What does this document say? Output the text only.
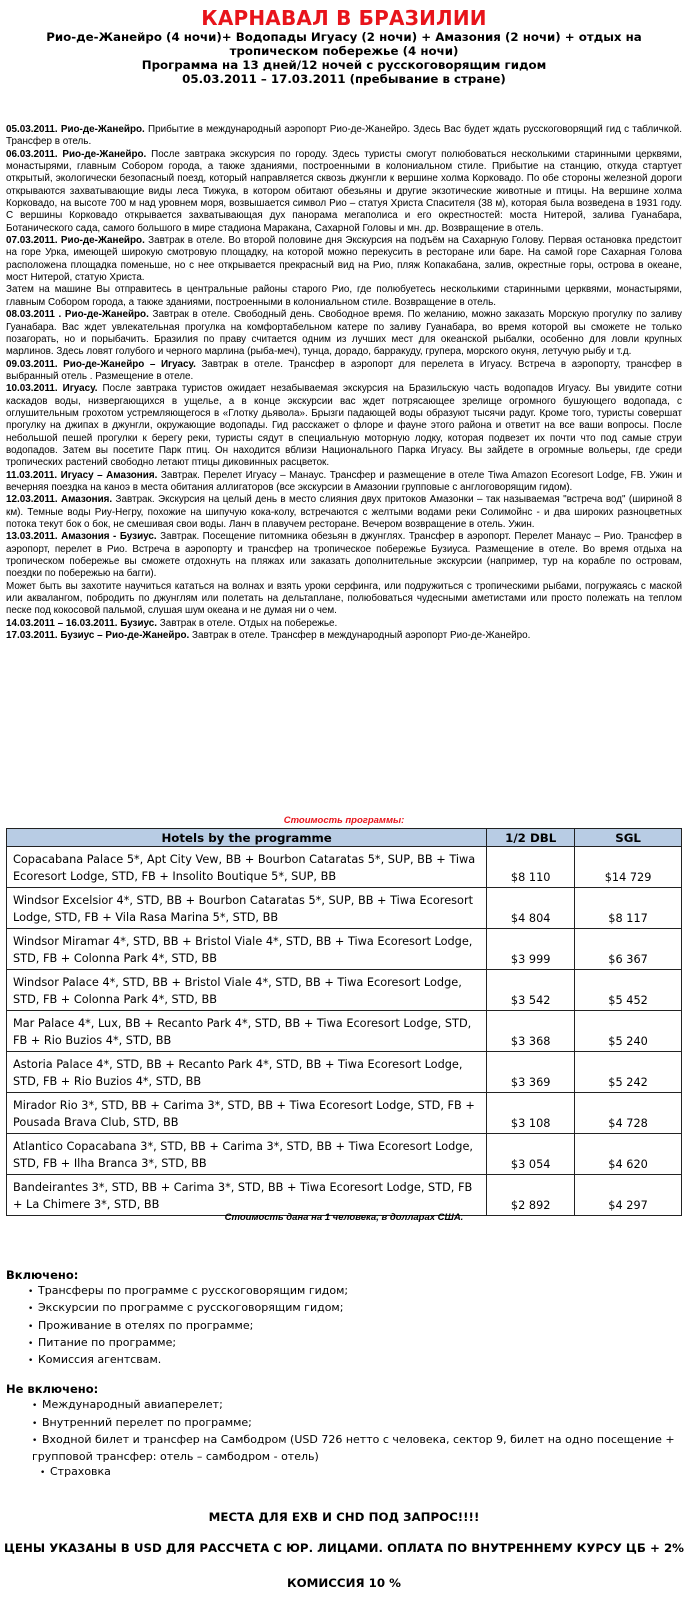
КАРНАВАЛ В БРАЗИЛИИ
Рио-де-Жанейро (4 ночи)+ Водопады Игуасу (2 ночи) + Амазония (2 ночи) + отдых на тропическом побережье (4 ночи)
Программа на 13 дней/12 ночей с русскоговорящим гидом
05.03.2011 – 17.03.2011 (пребывание в стране)

05.03.2011. Рио-де-Жанейро. Прибытие в международный аэропорт Рио-де-Жанейро. Здесь Вас будет ждать русскоговорящий гид с табличкой. Трансфер в отель.

06.03.2011. Рио-де-Жанейро. После завтрака экскурсия по городу. Здесь туристы смогут полюбоваться несколькими старинными церквями, монастырями, главным Собором города, а также зданиями, построенными в колониальном стиле. Прибытие на станцию, откуда стартует открытый, экологически безопасный поезд, который направляется сквозь джунгли к вершине холма Корковадо. По обе стороны железной дороги открываются захватывающие виды леса Тижука, в котором обитают обезьяны и другие экзотические животные и птицы. На вершине холма Корковадо, на высоте 700 м над уровнем моря, возвышается символ Рио – статуя Христа Спасителя (38 м), которая была возведена в 1931 году. С вершины Корковадо открывается захватывающая дух панорама мегаполиса и его окрестностей: моста Нитерой, залива Гуанабара, Ботанического сада, самого большого в мире стадиона Маракана, Сахарной Головы и мн. др. Возвращение в отель.

07.03.2011. Рио-де-Жанейро. Завтрак в отеле. Во второй половине дня Экскурсия на подъём на Сахарную Голову. Первая остановка предстоит на горе Урка, имеющей широкую смотровую площадку, на которой можно перекусить в ресторане или баре. На самой горе Сахарная Голова расположена площадка поменьше, но с нее открывается прекрасный вид на Рио, пляж Копакабана, залив, окрестные горы, острова в океане, мост Нитерой, статую Христа.

Затем на машине Вы отправитесь в центральные районы старого Рио, где полюбуетесь несколькими старинными церквями, монастырями, главным Собором города, а также зданиями, построенными в колониальном стиле. Возвращение в отель.

08.03.2011 . Рио-де-Жанейро. Завтрак в отеле. Свободный день. Свободное время. По желанию, можно заказать Морскую прогулку по заливу Гуанабара. Вас ждет увлекательная прогулка на комфортабельном катере по заливу Гуанабара, во время которой вы сможете не только позагорать, но и порыбачить. Бразилия по праву считается одним из лучших мест для океанской рыбалки, особенно для ловли крупных марлинов. Здесь ловят голубого и черного марлина (рыба-меч), тунца, дорадо, барракуду, групера, морского окуня, летучую рыбу и т.д.

09.03.2011. Рио-де-Жанейро – Игуасу. Завтрак в отеле. Трансфер в аэропорт для перелета в Игуасу. Встреча в аэропорту, трансфер в выбранный отель . Размещение в отеле.

10.03.2011. Игуасу. После завтрака туристов ожидает незабываемая экскурсия на Бразильскую часть водопадов Игуасу. Вы увидите сотни каскадов воды, низвергающихся в ущелье, а в конце экскурсии вас ждет потрясающее зрелище огромного бушующего водопада, с оглушительным грохотом устремляющегося в «Глотку дьявола». Брызги падающей воды образуют тысячи радуг. Кроме того, туристы совершат прогулку на джипах в джунгли, окружающие водопады. Гид расскажет о флоре и фауне этого района и ответит на все ваши вопросы. После небольшой пешей прогулки к берегу реки, туристы сядут в специальную моторную лодку, которая подвезет их почти что под самые струи водопадов. Затем вы посетите Парк птиц. Он находится вблизи Национального Парка Игуасу. Вы зайдете в огромные вольеры, где среди тропических растений свободно летают птицы диковинных расцветок.

11.03.2011. Игуасу – Амазония. Завтрак. Перелет Игуасу – Манаус. Трансфер и размещение в отеле Tiwa Amazon Ecoresort Lodge, FB. Ужин и вечерняя поездка на каноэ в места обитания аллигаторов (все экскурсии в Амазонии групповые с англоговорящим гидом).

12.03.2011. Амазония. Завтрак. Экскурсия на целый день в место слияния двух притоков Амазонки – так называемая "встреча вод" (шириной 8 км). Темные воды Риу-Негру, похожие на шипучую кока-колу, встречаются с желтыми водами реки Солимойнс - и два широких разноцветных потока текут бок о бок, не смешивая свои воды. Ланч в плавучем ресторане. Вечером возвращение в отель. Ужин.

13.03.2011. Амазония - Бузиус. Завтрак. Посещение питомника обезьян в джунглях. Трансфер в аэропорт. Перелет Манаус – Рио. Трансфер в аэропорт, перелет в Рио. Встреча в аэропорту и трансфер на тропическое побережье Бузиуса. Размещение в отеле. Во время отдыха на тропическом побережье вы сможете отдохнуть на пляжах или заказать дополнительные экскурсии (например, тур на корабле по островам, поездки по побережью на багги).

Может быть вы захотите научиться кататься на волнах и взять уроки серфинга, или подружиться с тропическими рыбами, погружаясь с маской или аквалангом, побродить по джунглям или полетать на дельтаплане, полюбоваться чудесными аметистами или просто полежать на теплом песке под кокосовой пальмой, слушая шум океана и не думая ни о чем.

14.03.2011 – 16.03.2011. Бузиус. Завтрак в отеле. Отдых на побережье.

17.03.2011. Бузиус – Рио-де-Жанейро. Завтрак в отеле. Трансфер в международный аэропорт Рио-де-Жанейро.

Стоимость программы:
Hotels by the programme	1/2 DBL	SGL
Copacabana Palace 5*, Apt City Vew, BB + Bourbon Cataratas 5*, SUP, BB + Tiwa Ecoresort Lodge, STD, FB + Insolito Boutique 5*, SUP, BB	$8 110	$14 729
Windsor Excelsior 4*, STD, BB + Bourbon Cataratas 5*, SUP, BB + Tiwa Ecoresort Lodge, STD, FB + Vila Rasa Marina 5*, STD, BB	$4 804	$8 117
Windsor Miramar 4*, STD, BB + Bristol Viale 4*, STD, BB + Tiwa Ecoresort Lodge, STD, FB + Colonna Park 4*, STD, BB	$3 999	$6 367
Windsor Palace 4*, STD, BB + Bristol Viale 4*, STD, BB + Tiwa Ecoresort Lodge, STD, FB + Colonna Park 4*, STD, BB	$3 542	$5 452
Mar Palace 4*, Lux, BB + Recanto Park 4*, STD, BB + Tiwa Ecoresort Lodge, STD, FB + Rio Buzios 4*, STD, BB	$3 368	$5 240
Astoria Palace 4*, STD, BB + Recanto Park 4*, STD, BB + Tiwa Ecoresort Lodge, STD, FB + Rio Buzios 4*, STD, BB	$3 369	$5 242
Mirador Rio 3*, STD, BB + Carima 3*, STD, BB + Tiwa Ecoresort Lodge, STD, FB + Pousada Brava Club, STD, BB	$3 108	$4 728
Atlantico Copacabana 3*, STD, BB + Carima 3*, STD, BB + Tiwa Ecoresort Lodge, STD, FB + Ilha Branca 3*, STD, BB	$3 054	$4 620
Bandeirantes 3*, STD, BB + Carima 3*, STD, BB + Tiwa Ecoresort Lodge, STD, FB + La Chimere 3*, STD, BB	$2 892	$4 297
Стоимость дана на 1 человека, в долларах США.
Включено:
• Трансферы по программе с русскоговорящим гидом;
• Экскурсии по программе с русскоговорящим гидом;
• Проживание в отелях по программе;
• Питание по программе;
• Комиссия агентсвам.
Не включено:
• Международный авиаперелет;
• Внутренний перелет по программе;
• Входной билет и трансфер на Самбодром (USD 726 нетто с человека, сектор 9, билет на одно посещение +
групповой трансфер: отель – самбодром - отель)
• Страховка
МЕСТА ДЛЯ EXB И CHD ПОД ЗАПРОС!!!!
ЦЕНЫ УКАЗАНЫ В USD ДЛЯ РАССЧЕТА С ЮР. ЛИЦАМИ. ОПЛАТА ПО ВНУТРЕННЕМУ КУРСУ ЦБ + 2%
КОМИССИЯ 10 %
